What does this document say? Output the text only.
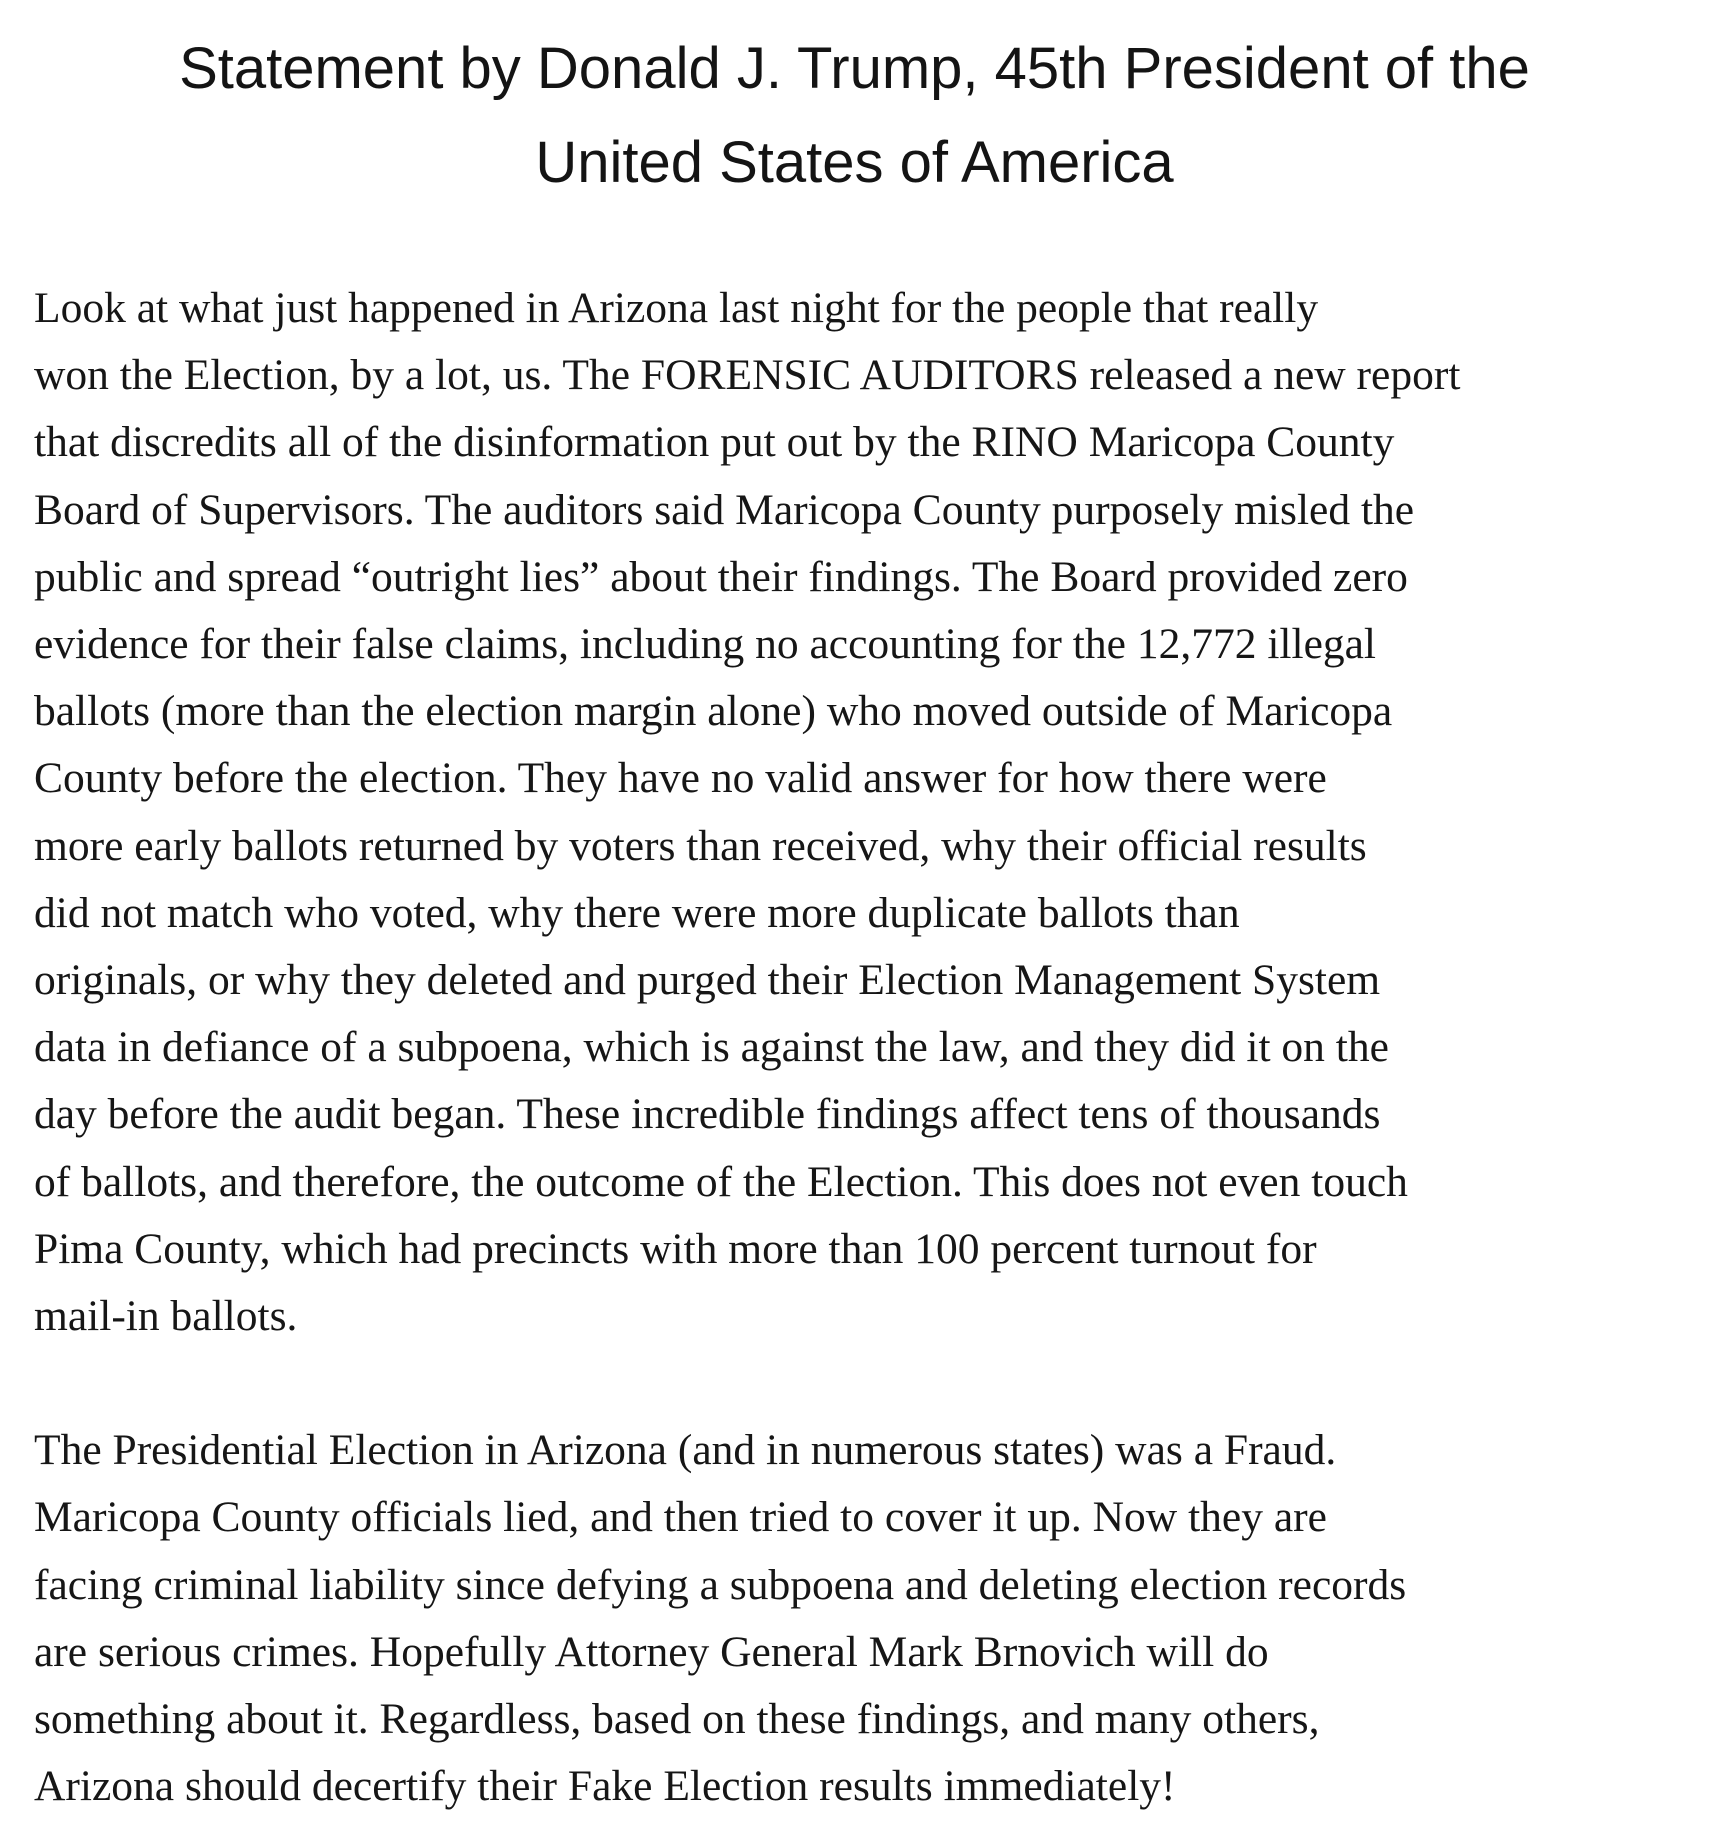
Statement by Donald J. Trump, 45th President of the
United States of America

Look at what just happened in Arizona last night for the people that really
won the Election, by a lot, us. The FORENSIC AUDITORS released a new report
that discredits all of the disinformation put out by the RINO Maricopa County
Board of Supervisors. The auditors said Maricopa County purposely misled the
public and spread “outright lies” about their findings. The Board provided zero
evidence for their false claims, including no accounting for the 12,772 illegal
ballots (more than the election margin alone) who moved outside of Maricopa
County before the election. They have no valid answer for how there were
more early ballots returned by voters than received, why their official results
did not match who voted, why there were more duplicate ballots than
originals, or why they deleted and purged their Election Management System
data in defiance of a subpoena, which is against the law, and they did it on the
day before the audit began. These incredible findings affect tens of thousands
of ballots, and therefore, the outcome of the Election. This does not even touch
Pima County, which had precincts with more than 100 percent turnout for
mail-in ballots.

The Presidential Election in Arizona (and in numerous states) was a Fraud.
Maricopa County officials lied, and then tried to cover it up. Now they are
facing criminal liability since defying a subpoena and deleting election records
are serious crimes. Hopefully Attorney General Mark Brnovich will do
something about it. Regardless, based on these findings, and many others,
Arizona should decertify their Fake Election results immediately!
